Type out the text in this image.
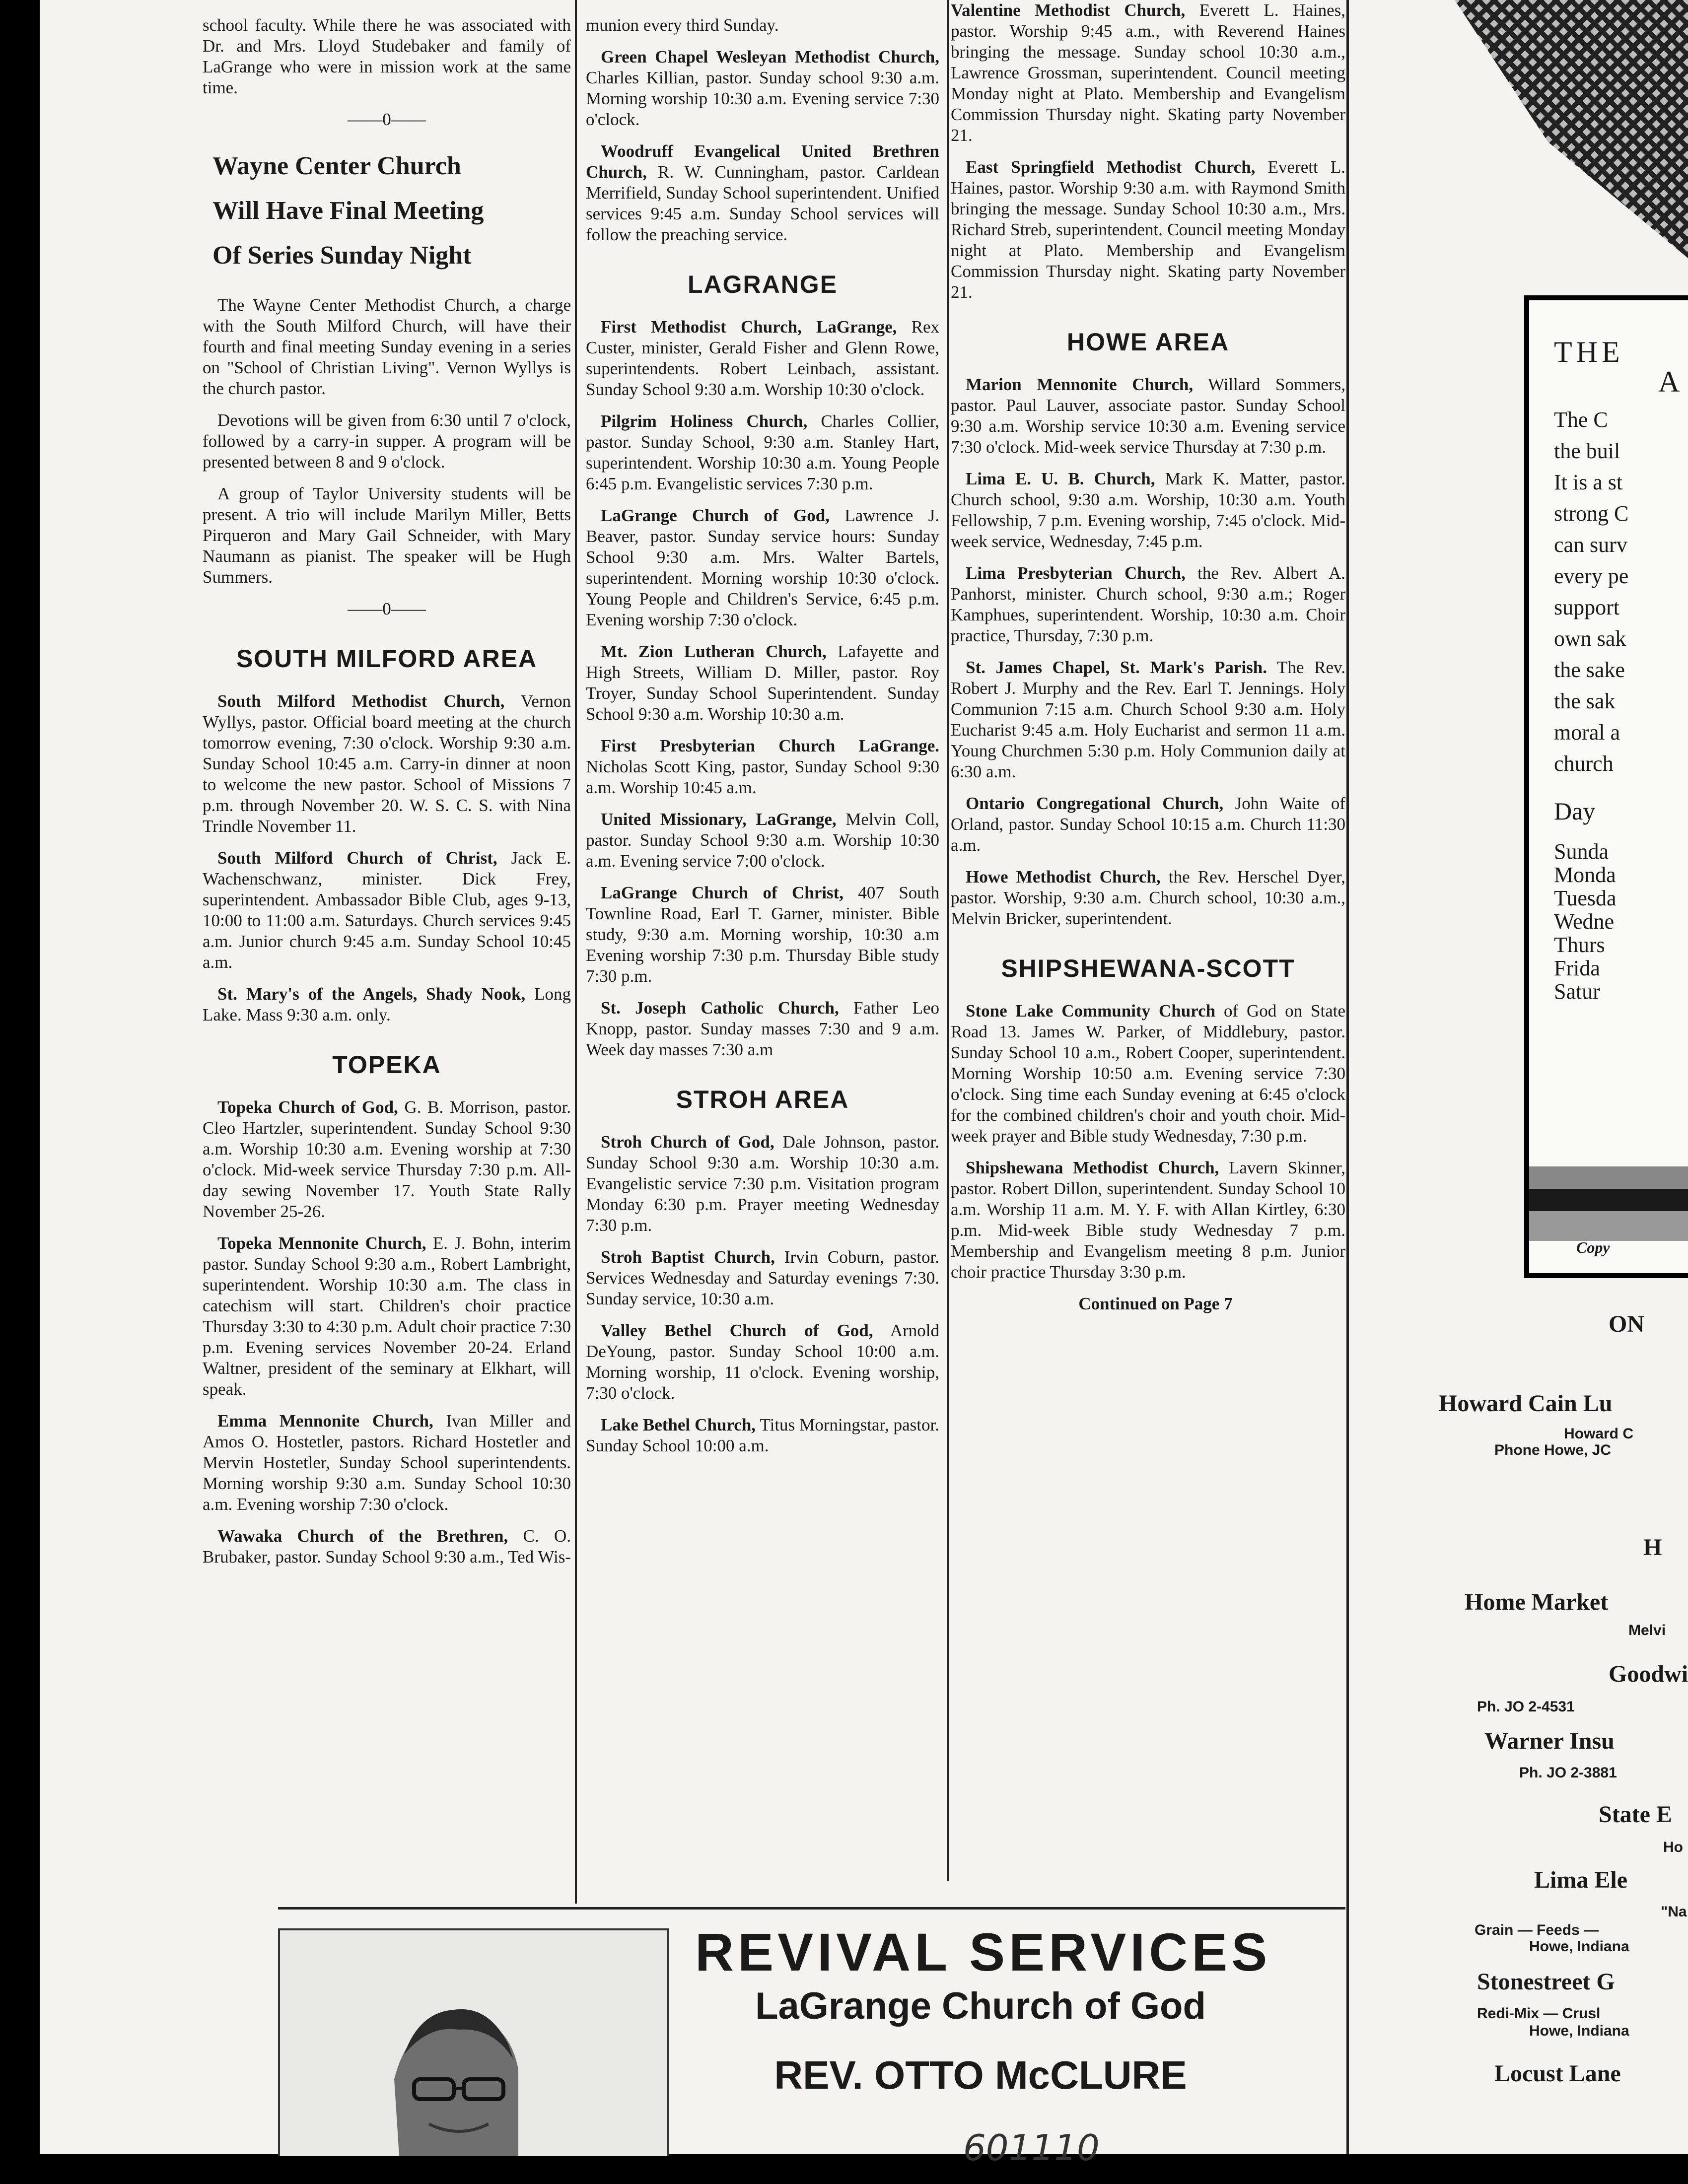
school faculty. While there he was associated with Dr. and Mrs. Lloyd Studebaker and family of LaGrange who were in mission work at the same time.

——0——
Wayne Center Church
Will Have Final Meeting
Of Series Sunday Night

The Wayne Center Methodist Church, a charge with the South Milford Church, will have their fourth and final meeting Sunday evening in a series on "School of Christian Living". Vernon Wyllys is the church pastor.

Devotions will be given from 6:30 until 7 o'clock, followed by a carry-in supper. A program will be presented between 8 and 9 o'clock.

A group of Taylor University students will be present. A trio will include Marilyn Miller, Betts Pirqueron and Mary Gail Schneider, with Mary Naumann as pianist. The speaker will be Hugh Summers.

——0——
SOUTH MILFORD AREA

South Milford Methodist Church, Vernon Wyllys, pastor. Official board meeting at the church tomorrow evening, 7:30 o'clock. Worship 9:30 a.m. Sunday School 10:45 a.m. Carry-in dinner at noon to welcome the new pastor. School of Missions 7 p.m. through November 20. W. S. C. S. with Nina Trindle November 11.

South Milford Church of Christ, Jack E. Wachenschwanz, minister. Dick Frey, superintendent. Ambassador Bible Club, ages 9-13, 10:00 to 11:00 a.m. Saturdays. Church services 9:45 a.m. Junior church 9:45 a.m. Sunday School 10:45 a.m.

St. Mary's of the Angels, Shady Nook, Long Lake. Mass 9:30 a.m. only.

TOPEKA

Topeka Church of God, G. B. Morrison, pastor. Cleo Hartzler, superintendent. Sunday School 9:30 a.m. Worship 10:30 a.m. Evening worship at 7:30 o'clock. Mid-week service Thursday 7:30 p.m. All-day sewing November 17. Youth State Rally November 25-26.

Topeka Mennonite Church, E. J. Bohn, interim pastor. Sunday School 9:30 a.m., Robert Lambright, superintendent. Worship 10:30 a.m. The class in catechism will start. Children's choir practice Thursday 3:30 to 4:30 p.m. Adult choir practice 7:30 p.m. Evening services November 20-24. Erland Waltner, president of the seminary at Elkhart, will speak.

Emma Mennonite Church, Ivan Miller and Amos O. Hostetler, pastors. Richard Hostetler and Mervin Hostetler, Sunday School superintendents. Morning worship 9:30 a.m. Sunday School 10:30 a.m. Evening worship 7:30 o'clock.

Wawaka Church of the Brethren, C. O. Brubaker, pastor. Sunday School 9:30 a.m., Ted Wis-

munion every third Sunday.

Green Chapel Wesleyan Methodist Church, Charles Killian, pastor. Sunday school 9:30 a.m. Morning worship 10:30 a.m. Evening service 7:30 o'clock.

Woodruff Evangelical United Brethren Church, R. W. Cunningham, pastor. Carldean Merrifield, Sunday School superintendent. Unified services 9:45 a.m. Sunday School services will follow the preaching service.

LAGRANGE

First Methodist Church, LaGrange, Rex Custer, minister, Gerald Fisher and Glenn Rowe, superintendents. Robert Leinbach, assistant. Sunday School 9:30 a.m. Worship 10:30 o'clock.

Pilgrim Holiness Church, Charles Collier, pastor. Sunday School, 9:30 a.m. Stanley Hart, superintendent. Worship 10:30 a.m. Young People 6:45 p.m. Evangelistic services 7:30 p.m.

LaGrange Church of God, Lawrence J. Beaver, pastor. Sunday service hours: Sunday School 9:30 a.m. Mrs. Walter Bartels, superintendent. Morning worship 10:30 o'clock. Young People and Children's Service, 6:45 p.m. Evening worship 7:30 o'clock.

Mt. Zion Lutheran Church, Lafayette and High Streets, William D. Miller, pastor. Roy Troyer, Sunday School Superintendent. Sunday School 9:30 a.m. Worship 10:30 a.m.

First Presbyterian Church LaGrange. Nicholas Scott King, pastor, Sunday School 9:30 a.m. Worship 10:45 a.m.

United Missionary, LaGrange, Melvin Coll, pastor. Sunday School 9:30 a.m. Worship 10:30 a.m. Evening service 7:00 o'clock.

LaGrange Church of Christ, 407 South Townline Road, Earl T. Garner, minister. Bible study, 9:30 a.m. Morning worship, 10:30 a.m Evening worship 7:30 p.m. Thursday Bible study 7:30 p.m.

St. Joseph Catholic Church, Father Leo Knopp, pastor. Sunday masses 7:30 and 9 a.m. Week day masses 7:30 a.m

STROH AREA

Stroh Church of God, Dale Johnson, pastor. Sunday School 9:30 a.m. Worship 10:30 a.m. Evangelistic service 7:30 p.m. Visitation program Monday 6:30 p.m. Prayer meeting Wednesday 7:30 p.m.

Stroh Baptist Church, Irvin Coburn, pastor. Services Wednesday and Saturday evenings 7:30. Sunday service, 10:30 a.m.

Valley Bethel Church of God, Arnold DeYoung, pastor. Sunday School 10:00 a.m. Morning worship, 11 o'clock. Evening worship, 7:30 o'clock.

Lake Bethel Church, Titus Morningstar, pastor. Sunday School 10:00 a.m.

Valentine Methodist Church, Everett L. Haines, pastor. Worship 9:45 a.m., with Reverend Haines bringing the message. Sunday school 10:30 a.m., Lawrence Grossman, superintendent. Council meeting Monday night at Plato. Membership and Evangelism Commission Thursday night. Skating party November 21.

East Springfield Methodist Church, Everett L. Haines, pastor. Worship 9:30 a.m. with Raymond Smith bringing the message. Sunday School 10:30 a.m., Mrs. Richard Streb, superintendent. Council meeting Monday night at Plato. Membership and Evangelism Commission Thursday night. Skating party November 21.

HOWE AREA

Marion Mennonite Church, Willard Sommers, pastor. Paul Lauver, associate pastor. Sunday School 9:30 a.m. Worship service 10:30 a.m. Evening service 7:30 o'clock. Mid-week service Thursday at 7:30 p.m.

Lima E. U. B. Church, Mark K. Matter, pastor. Church school, 9:30 a.m. Worship, 10:30 a.m. Youth Fellowship, 7 p.m. Evening worship, 7:45 o'clock. Mid-week service, Wednesday, 7:45 p.m.

Lima Presbyterian Church, the Rev. Albert A. Panhorst, minister. Church school, 9:30 a.m.; Roger Kamphues, superintendent. Worship, 10:30 a.m. Choir practice, Thursday, 7:30 p.m.

St. James Chapel, St. Mark's Parish. The Rev. Robert J. Murphy and the Rev. Earl T. Jennings. Holy Communion 7:15 a.m. Church School 9:30 a.m. Holy Eucharist 9:45 a.m. Holy Eucharist and sermon 11 a.m. Young Churchmen 5:30 p.m. Holy Communion daily at 6:30 a.m.

Ontario Congregational Church, John Waite of Orland, pastor. Sunday School 10:15 a.m. Church 11:30 a.m.

Howe Methodist Church, the Rev. Herschel Dyer, pastor. Worship, 9:30 a.m. Church school, 10:30 a.m., Melvin Bricker, superintendent.

SHIPSHEWANA-SCOTT

Stone Lake Community Church of God on State Road 13. James W. Parker, of Middlebury, pastor. Sunday School 10 a.m., Robert Cooper, superintendent. Morning Worship 10:50 a.m. Evening service 7:30 o'clock. Sing time each Sunday evening at 6:45 o'clock for the combined children's choir and youth choir. Mid-week prayer and Bible study Wednesday, 7:30 p.m.

Shipshewana Methodist Church, Lavern Skinner, pastor. Robert Dillon, superintendent. Sunday School 10 a.m. Worship 11 a.m. M. Y. F. with Allan Kirtley, 6:30 p.m. Mid-week Bible study Wednesday 7 p.m. Membership and Evangelism meeting 8 p.m. Junior choir practice Thursday 3:30 p.m.

Continued on Page 7

THE
A
The C
the buil
It is a st
strong C
can surv
every pe
support
own sak
the sake
the sak
moral a
church
Day
Sunda
Monda
Tuesda
Wedne
Thurs
Frida
Satur
Copy
ON
Howard Cain Lu
Howard C
Phone Howe, JC
H
Home Market
Melvi
Goodwi
Ph. JO 2-4531
Warner Insu
Ph. JO 2-3881
State E
Ho
Lima Ele
"Na
Grain — Feeds —
Howe, Indiana
Stonestreet G
Redi-Mix — Crusl
Howe, Indiana
Locust Lane
REVIVAL SERVICES
LaGrange Church of God
REV. OTTO McCLURE
601110
